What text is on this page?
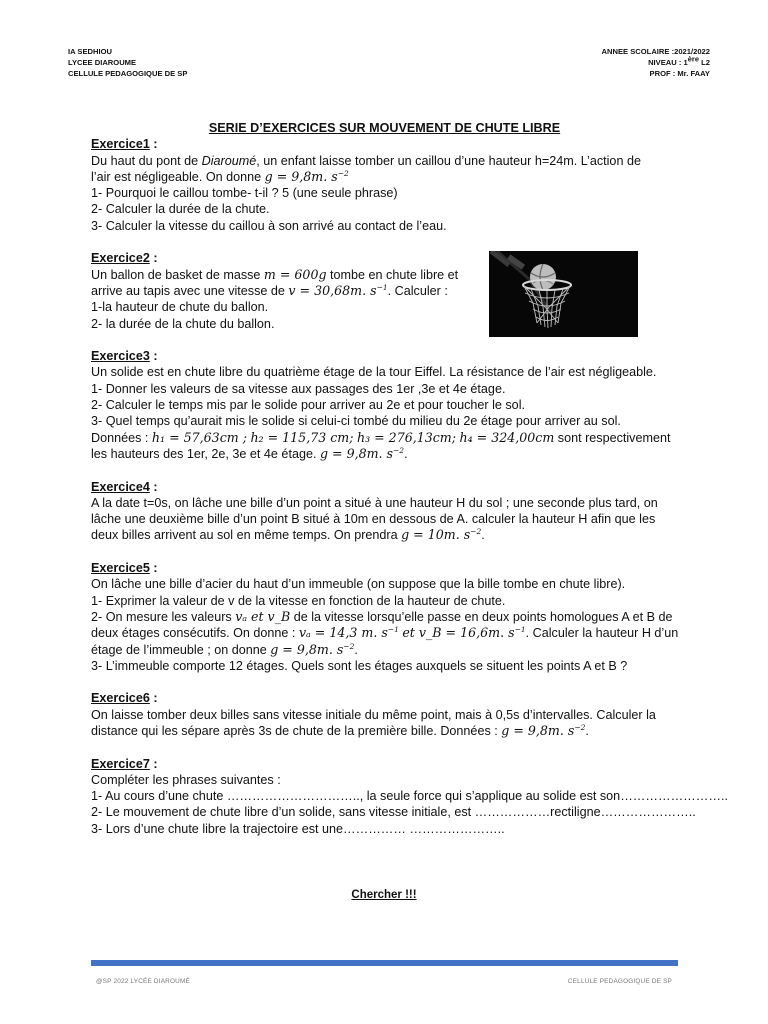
IA SEDHIOU
LYCEE DIAROUME
CELLULE PEDAGOGIQUE DE SP
ANNEE SCOLAIRE :2021/2022
NIVEAU : 1ère L2
PROF : Mr. FAAY
SERIE D’EXERCICES SUR MOUVEMENT DE CHUTE LIBRE
Exercice1 :
Du haut du pont de Diaroumé, un enfant laisse tomber un caillou d’une hauteur h=24m. L’action de
l’air est négligeable. On donne g = 9,8m. $s^{-2}$
1- Pourquoi le caillou tombe- t-il ? 5 (une seule phrase)
2- Calculer la durée de la chute.
3- Calculer la vitesse du caillou à son arrivé au contact de l’eau.
Exercice2 :
Un ballon de basket de masse m = 600g tombe en chute libre et
arrive au tapis avec une vitesse de v = 30,68m. $s^{-1}$. Calculer :
1-la hauteur de chute du ballon.
2- la durée de la chute du ballon.
Exercice3 :
Un solide est en chute libre du quatrième étage de la tour Eiffel. La résistance de l’air est négligeable.
1- Donner les valeurs de sa vitesse aux passages des 1er ,3e et 4e étage.
2- Calculer le temps mis par le solide pour arriver au 2e et pour toucher le sol.
3- Quel temps qu’aurait mis le solide si celui-ci tombé du milieu du 2e étage pour arriver au sol.
Données : h₁ = 57,63cm ; h₂ = 115,73 cm; h₃ = 276,13cm; h₄ = 324,00cm sont respectivement
les hauteurs des 1er, 2e, 3e et 4e étage. g = 9,8m. $s^{-2}$.
Exercice4 :
A la date t=0s, on lâche une bille d’un point a situé à une hauteur H du sol ; une seconde plus tard, on
lâche une deuxième bille d’un point B situé à 10m en dessous de A. calculer la hauteur H afin que les
deux billes arrivent au sol en même temps. On prendra g = 10m. $s^{-2}$.
Exercice5 :
On lâche une bille d’acier du haut d’un immeuble (on suppose que la bille tombe en chute libre).
1- Exprimer la valeur de v de la vitesse en fonction de la hauteur de chute.
2- On mesure les valeurs vₐ et v_B de la vitesse lorsqu’elle passe en deux points homologues A et B de
deux étages consécutifs. On donne : vₐ = 14,3 m. $s^{-1}$ et v_B = 16,6m. $s^{-1}$. Calculer la hauteur H d’un
étage de l’immeuble ; on donne g = 9,8m. $s^{-2}$.
3- L’immeuble comporte 12 étages. Quels sont les étages auxquels se situent les points A et B ?
Exercice6 :
On laisse tomber deux billes sans vitesse initiale du même point, mais à 0,5s d’intervalles. Calculer la
distance qui les sépare après 3s de chute de la première bille. Données : g = 9,8m. $s^{-2}$.
Exercice7 :
Compléter les phrases suivantes :
1- Au cours d’une chute ………………………….., la seule force qui s’applique au solide est son……………………..
2- Le mouvement de chute libre d’un solide, sans vitesse initiale, est ………………rectiligne…………………..
3- Lors d’une chute libre la trajectoire est une…………… …………………..
Chercher !!!
@SP 2022 LYCÉE DIAROUMÉ	CELLULE PEDAGOGIQUE DE SP
